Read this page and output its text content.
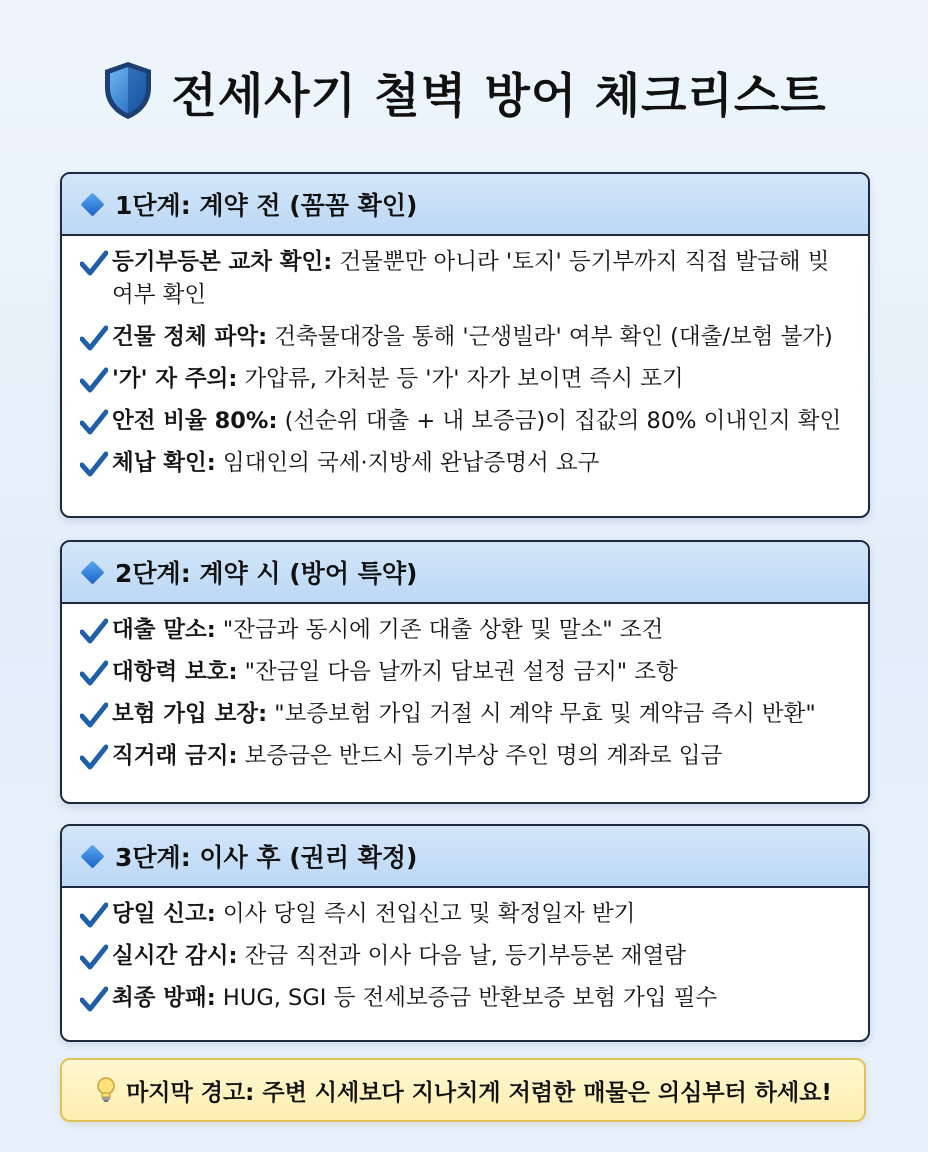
전세사기 철벽 방어 체크리스트
1단계: 계약 전 (꼼꼼 확인)
등기부등본 교차 확인: 건물뿐만 아니라 '토지' 등기부까지 직접 발급해 빚 여부 확인
건물 정체 파악: 건축물대장을 통해 '근생빌라' 여부 확인 (대출/보험 불가)
'가' 자 주의: 가압류, 가처분 등 '가' 자가 보이면 즉시 포기
안전 비율 80%: (선순위 대출 + 내 보증금)이 집값의 80% 이내인지 확인
체납 확인: 임대인의 국세·지방세 완납증명서 요구
2단계: 계약 시 (방어 특약)
대출 말소: "잔금과 동시에 기존 대출 상환 및 말소" 조건
대항력 보호: "잔금일 다음 날까지 담보권 설정 금지" 조항
보험 가입 보장: "보증보험 가입 거절 시 계약 무효 및 계약금 즉시 반환"
직거래 금지: 보증금은 반드시 등기부상 주인 명의 계좌로 입금
3단계: 이사 후 (권리 확정)
당일 신고: 이사 당일 즉시 전입신고 및 확정일자 받기
실시간 감시: 잔금 직전과 이사 다음 날, 등기부등본 재열람
최종 방패: HUG, SGI 등 전세보증금 반환보증 보험 가입 필수
마지막 경고: 주변 시세보다 지나치게 저렴한 매물은 의심부터 하세요!
